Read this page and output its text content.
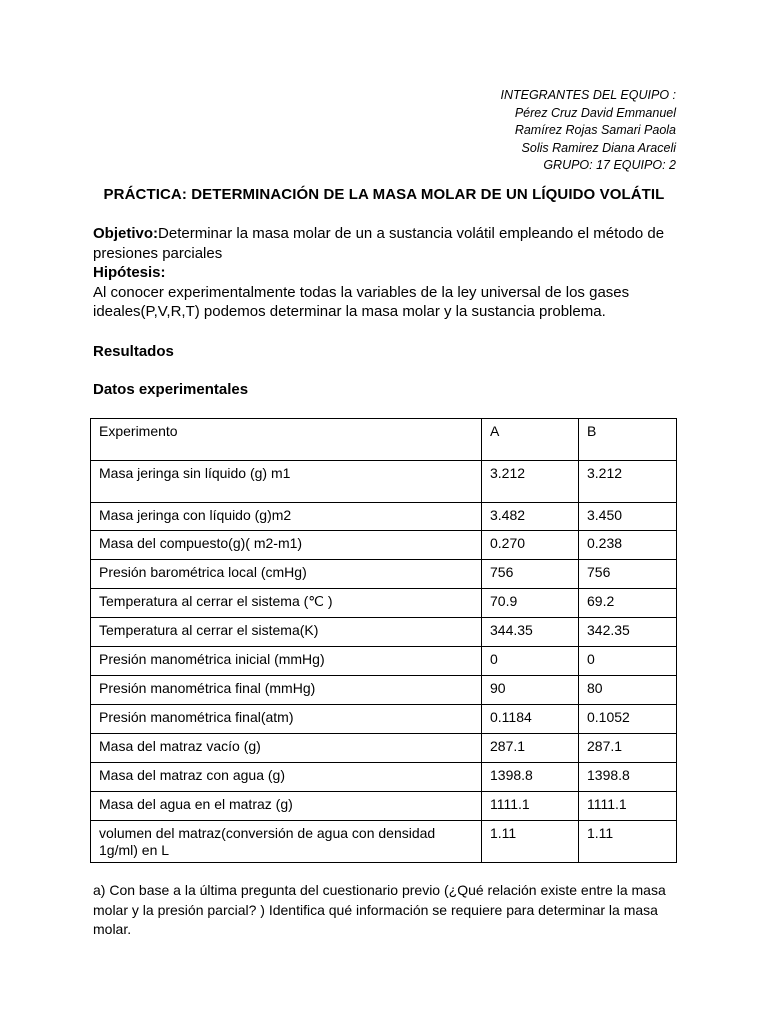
INTEGRANTES DEL EQUIPO :
Pérez Cruz David Emmanuel
Ramírez Rojas Samari Paola
Solis Ramirez Diana Araceli
GRUPO: 17 EQUIPO: 2
PRÁCTICA: DETERMINACIÓN DE LA MASA MOLAR DE UN LÍQUIDO VOLÁTIL
Objetivo:Determinar la masa molar de un a sustancia volátil empleando el método de presiones parciales
Hipótesis:
Al conocer experimentalmente todas la variables de la ley universal de los gases ideales(P,V,R,T) podemos determinar la masa molar y la sustancia problema.
Resultados
Datos experimentales
Experimento	A	B
Masa jeringa sin líquido (g) m1	3.212	3.212
Masa jeringa con líquido (g)m2	3.482	3.450
Masa del compuesto(g)( m2-m1)	0.270	0.238
Presión barométrica local (cmHg)	756	756
Temperatura al cerrar el sistema (℃ )	70.9	69.2
Temperatura al cerrar el sistema(K)	344.35	342.35
Presión manométrica inicial (mmHg)	0	0
Presión manométrica final (mmHg)	90	80
Presión manométrica final(atm)	0.1184	0.1052
Masa del matraz vacío (g)	287.1	287.1
Masa del matraz con agua (g)	1398.8	1398.8
Masa del agua en el matraz (g)	1111.1	1111.1
volumen del matraz(conversión de agua con densidad 1g/ml) en L	1.11	1.11
a) Con base a la última pregunta del cuestionario previo (¿Qué relación existe entre la masa molar y la presión parcial? ) Identifica qué información se requiere para determinar la masa molar.
